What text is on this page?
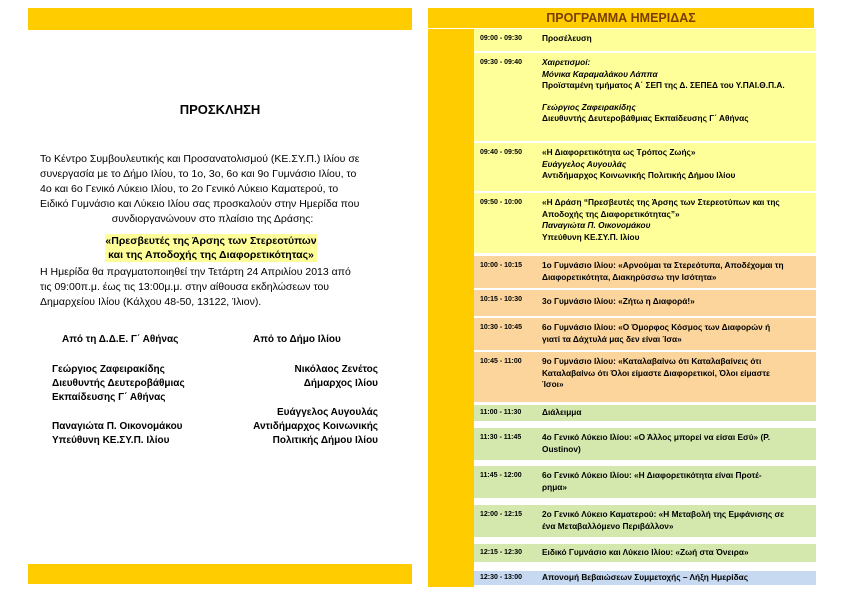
ΠΡΟΣΚΛΗΣΗ
Το Κέντρο Συμβουλευτικής και Προσανατολισμού (ΚΕ.ΣΥ.Π.) Ιλίου σε
συνεργασία με το Δήμο Ιλίου, το 1ο, 3ο, 6ο και 9ο Γυμνάσιο Ιλίου, το
4ο και 6ο Γενικό Λύκειο Ιλίου, το 2ο Γενικό Λύκειο Καματερού, το
Ειδικό Γυμνάσιο και Λύκειο Ιλίου σας προσκαλούν στην Ημερίδα που
συνδιοργανώνουν στο πλαίσιο της Δράσης:
«Πρεσβευτές της Άρσης των Στερεοτύπων
και της Αποδοχής της Διαφορετικότητας»
Η Ημερίδα θα πραγματοποιηθεί την Τετάρτη 24 Απριλίου 2013 από
τις 09:00π.μ. έως τις 13:00μ.μ. στην αίθουσα εκδηλώσεων του
Δημαρχείου Ιλίου (Κάλχου 48-50, 13122, Ίλιον).
Από τη Δ.Δ.Ε. Γ΄ Αθήνας	Από το Δήμο Ιλίου
Γεώργιος Ζαφειρακίδης
Διευθυντής Δευτεροβάθμιας
Εκπαίδευσης Γ΄ Αθήνας
Νικόλαος Ζενέτος
Δήμαρχος Ιλίου
Ευάγγελος Αυγουλάς
Αντιδήμαρχος Κοινωνικής
Πολιτικής Δήμου Ιλίου
Παναγιώτα Π. Οικονομάκου
Υπεύθυνη ΚΕ.ΣΥ.Π. Ιλίου
ΠΡΟΓΡΑΜΜΑ ΗΜΕΡΙΔΑΣ
09:00 - 09:30 Προσέλευση
09:30 - 09:40 Χαιρετισμοί:
Μόνικα Καραμαλάκου Λάππα
Προϊσταμένη τμήματος Α΄ ΣΕΠ της Δ. ΣΕΠΕΔ του Υ.ΠΑΙ.Θ.Π.Α.
Γεώργιος Ζαφειρακίδης
Διευθυντής Δευτεροβάθμιας Εκπαίδευσης Γ΄ Αθήνας
09:40 - 09:50 «Η Διαφορετικότητα ως Τρόπος Ζωής»
Ευάγγελος Αυγουλάς
Αντιδήμαρχος Κοινωνικής Πολιτικής Δήμου Ιλίου
09:50 - 10:00 «Η Δράση “Πρεσβευτές της Άρσης των Στερεοτύπων και της
Αποδοχής της Διαφορετικότητας”»
Παναγιώτα Π. Οικονομάκου
Υπεύθυνη ΚΕ.ΣΥ.Π. Ιλίου
10:00 - 10:15 1ο Γυμνάσιο Ιλίου: «Αρνούμαι τα Στερεότυπα, Αποδέχομαι τη
Διαφορετικότητα, Διακηρύσσω την Ισότητα»
10:15 - 10:30 3ο Γυμνάσιο Ιλίου: «Ζήτω η Διαφορά!»
10:30 - 10:45 6ο Γυμνάσιο Ιλίου: «Ο Όμορφος Κόσμος των Διαφορών ή
γιατί τα Δάχτυλά μας δεν είναι Ίσα»
10:45 - 11:00 9ο Γυμνάσιο Ιλίου: «Καταλαβαίνω ότι Καταλαβαίνεις ότι
Καταλαβαίνω ότι Όλοι είμαστε Διαφορετικοί, Όλοι είμαστε
Ίσοι»
11:00 - 11:30 Διάλειμμα
11:30 - 11:45 4ο Γενικό Λύκειο Ιλίου: «Ο Άλλος μπορεί να είσαι Εσύ» (P.
Oustinov)
11:45 - 12:00 6ο Γενικό Λύκειο Ιλίου: «Η Διαφορετικότητα είναι Προτέ-
ρημα»
12:00 - 12:15 2ο Γενικό Λύκειο Καματερού: «Η Μεταβολή της Εμφάνισης σε
ένα Μεταβαλλόμενο Περιβάλλον»
12:15 - 12:30 Ειδικό Γυμνάσιο και Λύκειο Ιλίου: «Ζωή στα Όνειρα»
12:30 - 13:00 Απονομή Βεβαιώσεων Συμμετοχής – Λήξη Ημερίδας
